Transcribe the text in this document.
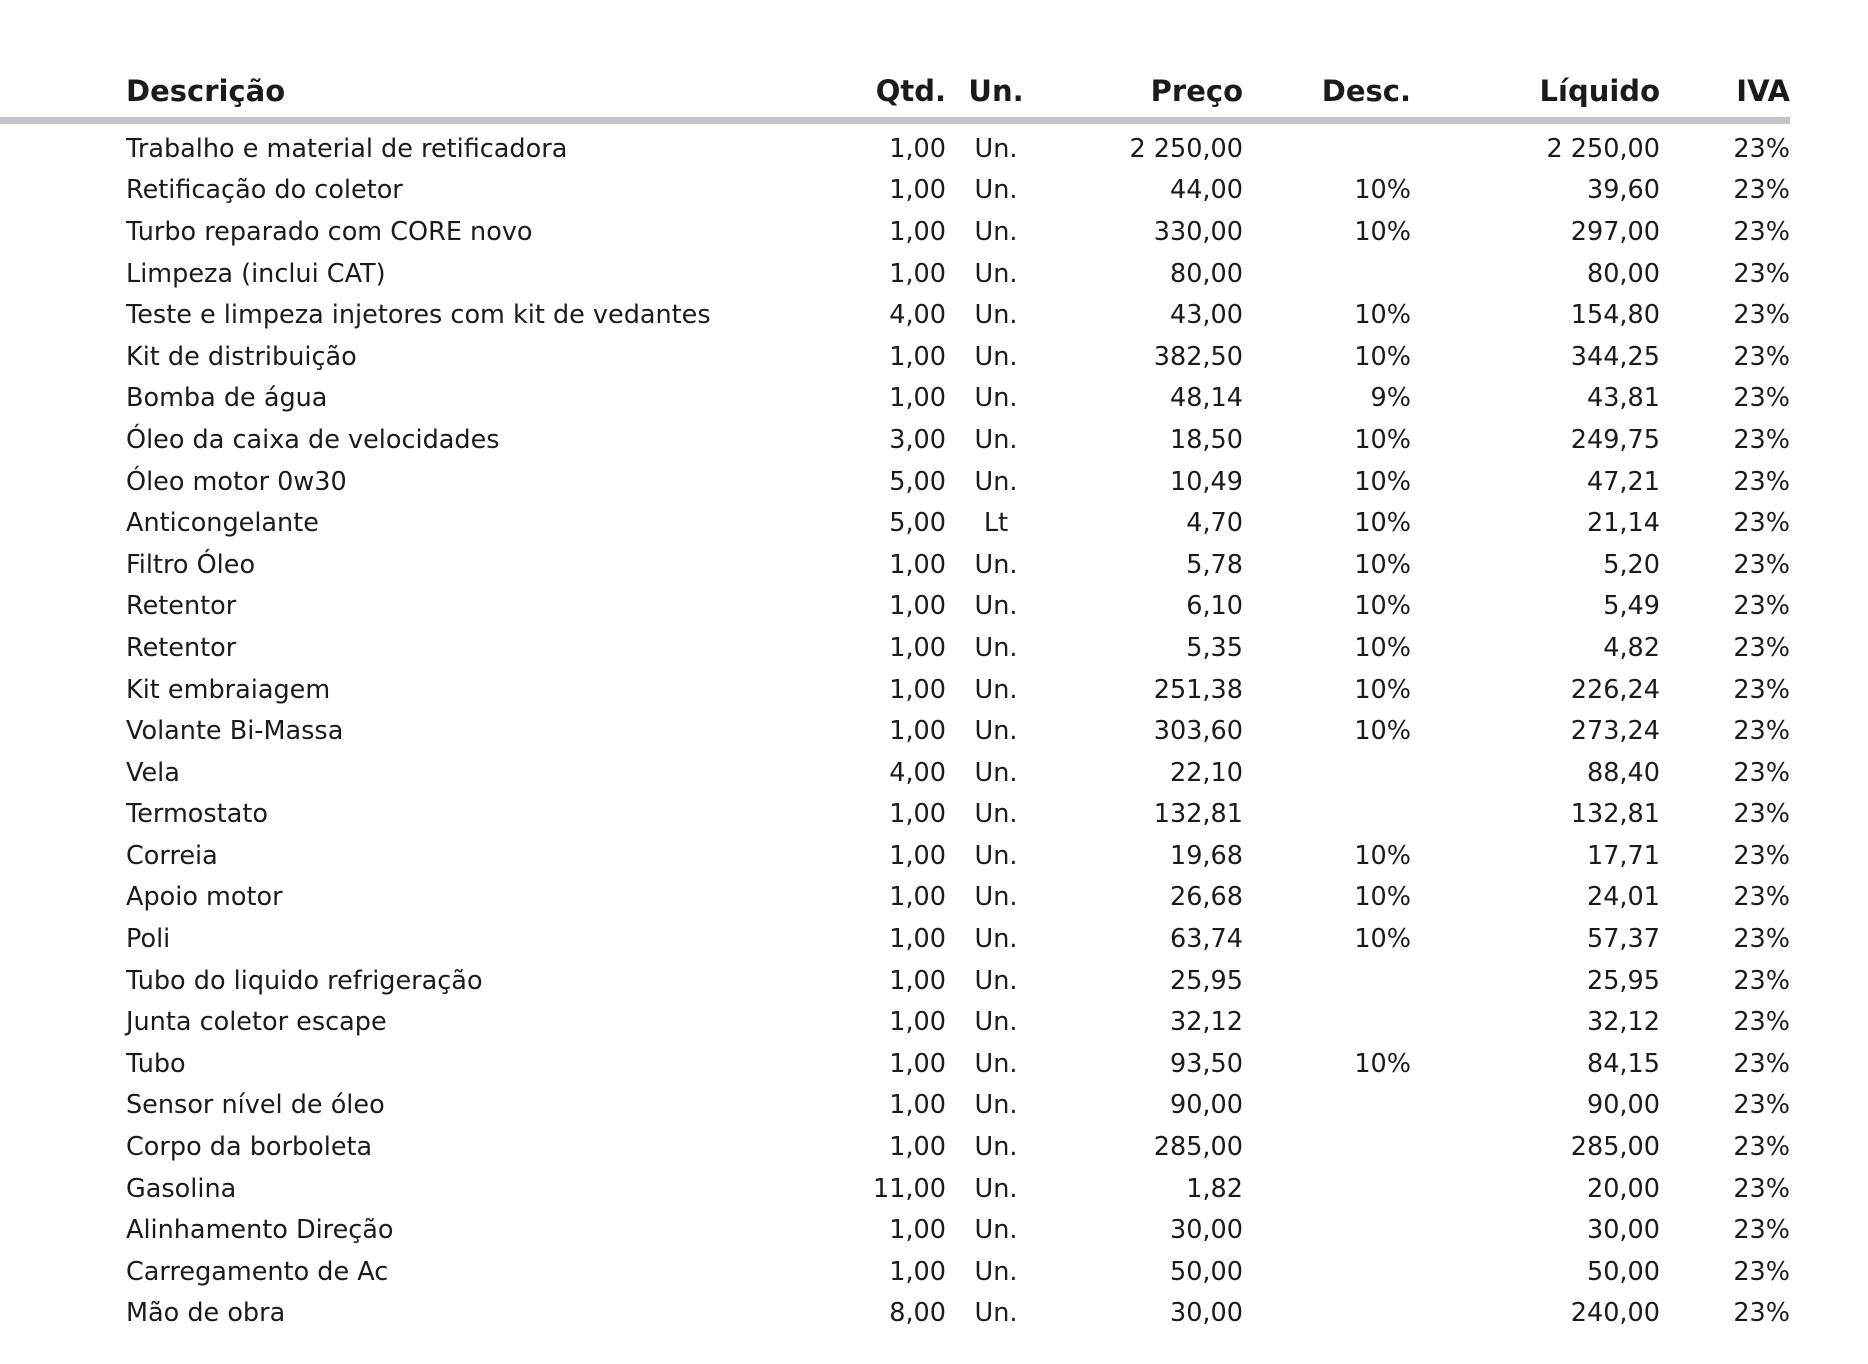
	Descrição	Qtd.	Un.	Preço	Desc.	Líquido	IVA
	Trabalho e material de retificadora	1,00	Un.	2 250,00		2 250,00	23%
	Retificação do coletor	1,00	Un.	44,00	10%	39,60	23%
	Turbo reparado com CORE novo	1,00	Un.	330,00	10%	297,00	23%
	Limpeza (inclui CAT)	1,00	Un.	80,00		80,00	23%
	Teste e limpeza injetores com kit de vedantes	4,00	Un.	43,00	10%	154,80	23%
	Kit de distribuição	1,00	Un.	382,50	10%	344,25	23%
	Bomba de água	1,00	Un.	48,14	9%	43,81	23%
	Óleo da caixa de velocidades	3,00	Un.	18,50	10%	249,75	23%
	Óleo motor 0w30	5,00	Un.	10,49	10%	47,21	23%
	Anticongelante	5,00	Lt	4,70	10%	21,14	23%
	Filtro Óleo	1,00	Un.	5,78	10%	5,20	23%
	Retentor	1,00	Un.	6,10	10%	5,49	23%
	Retentor	1,00	Un.	5,35	10%	4,82	23%
	Kit embraiagem	1,00	Un.	251,38	10%	226,24	23%
	Volante Bi-Massa	1,00	Un.	303,60	10%	273,24	23%
	Vela	4,00	Un.	22,10		88,40	23%
	Termostato	1,00	Un.	132,81		132,81	23%
	Correia	1,00	Un.	19,68	10%	17,71	23%
	Apoio motor	1,00	Un.	26,68	10%	24,01	23%
	Poli	1,00	Un.	63,74	10%	57,37	23%
	Tubo do liquido refrigeração	1,00	Un.	25,95		25,95	23%
	Junta coletor escape	1,00	Un.	32,12		32,12	23%
	Tubo	1,00	Un.	93,50	10%	84,15	23%
	Sensor nível de óleo	1,00	Un.	90,00		90,00	23%
	Corpo da borboleta	1,00	Un.	285,00		285,00	23%
	Gasolina	11,00	Un.	1,82		20,00	23%
	Alinhamento Direção	1,00	Un.	30,00		30,00	23%
	Carregamento de Ac	1,00	Un.	50,00		50,00	23%
	Mão de obra	8,00	Un.	30,00		240,00	23%
